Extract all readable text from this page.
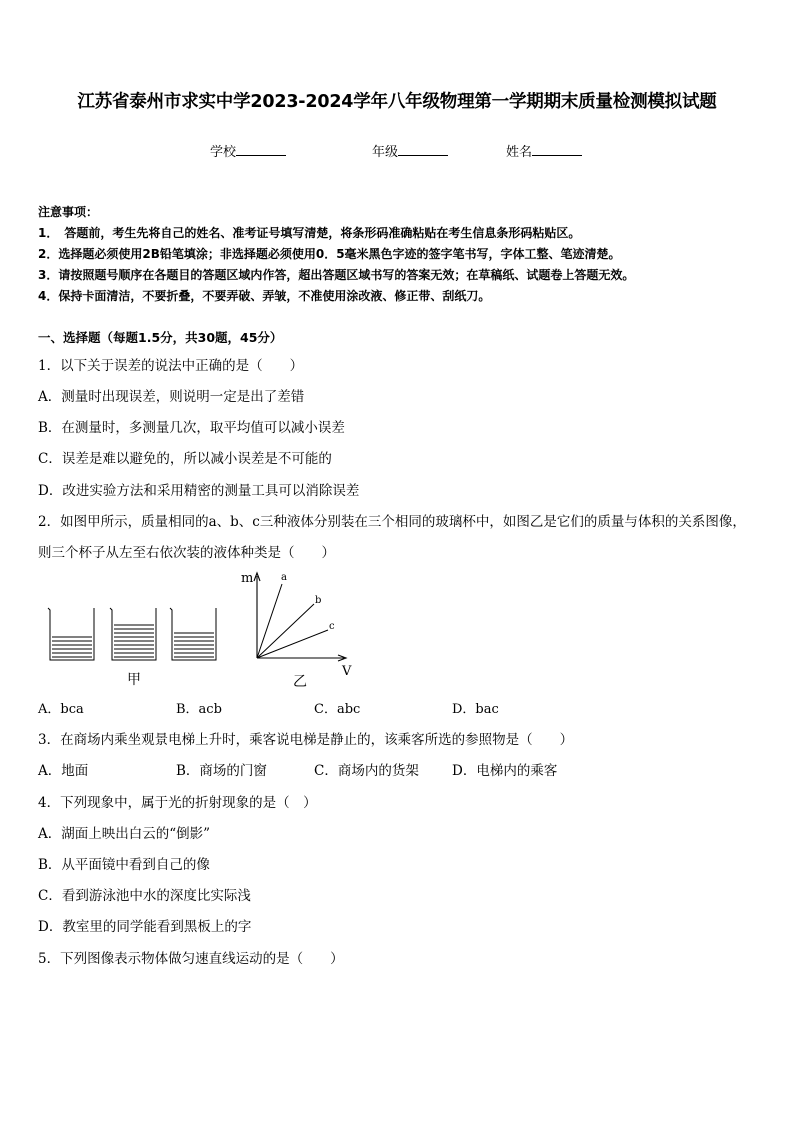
江苏省泰州市求实中学2023-2024学年八年级物理第一学期期末质量检测模拟试题
学校	年级	姓名
注意事项：
1．　答题前，考生先将自己的姓名、准考证号填写清楚，将条形码准确粘贴在考生信息条形码粘贴区。
2．选择题必须使用2B铅笔填涂；非选择题必须使用0．5毫米黑色字迹的签字笔书写，字体工整、笔迹清楚。
3．请按照题号顺序在各题目的答题区域内作答，超出答题区域书写的答案无效；在草稿纸、试题卷上答题无效。
4．保持卡面清洁，不要折叠，不要弄破、弄皱，不准使用涂改液、修正带、刮纸刀。
一、选择题（每题1.5分，共30题，45分）
1．以下关于误差的说法中正确的是（　　）
A．测量时出现误差，则说明一定是出了差错
B．在测量时，多测量几次，取平均值可以减小误差
C．误差是难以避免的，所以减小误差是不可能的
D．改进实验方法和采用精密的测量工具可以消除误差
2．如图甲所示，质量相同的a、b、c三种液体分别装在三个相同的玻璃杯中，如图乙是它们的质量与体积的关系图像，
则三个杯子从左至右依次装的液体种类是（　　）
甲
m
V
a
b
c
乙
A．bca	B．acb	C．abc	D．bac
3．在商场内乘坐观景电梯上升时，乘客说电梯是静止的，该乘客所选的参照物是（　　）
A．地面	B．商场的门窗	C．商场内的货架 D．电梯内的乘客
4．下列现象中，属于光的折射现象的是（　）
A．湖面上映出白云的“倒影”
B．从平面镜中看到自己的像
C．看到游泳池中水的深度比实际浅
D．教室里的同学能看到黑板上的字
5．下列图像表示物体做匀速直线运动的是（　　）
